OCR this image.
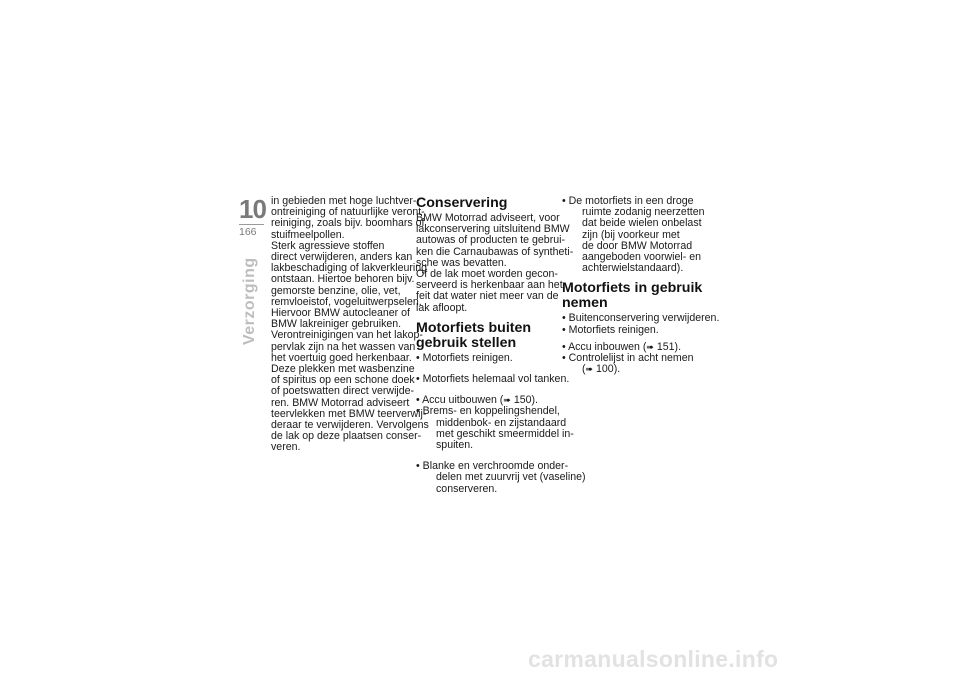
10
166
Verzorging
in gebieden met hoge luchtver-
ontreiniging of natuurlijke veront-
reiniging, zoals bijv. boomhars of
stuifmeelpollen.
Sterk agressieve stoffen
direct verwijderen, anders kan
lakbeschadiging of lakverkleuring
ontstaan. Hiertoe behoren bijv.
gemorste benzine, olie, vet,
remvloeistof, vogeluitwerpselen.
Hiervoor BMW autocleaner of
BMW lakreiniger gebruiken.
Verontreinigingen van het lakop-
pervlak zijn na het wassen van
het voertuig goed herkenbaar.
Deze plekken met wasbenzine
of spiritus op een schone doek
of poetswatten direct verwijde-
ren. BMW Motorrad adviseert
teervlekken met BMW teerverwij-
deraar te verwijderen. Vervolgens
de lak op deze plaatsen conser-
veren.
Conservering
BMW Motorrad adviseert, voor
lakconservering uitsluitend BMW
autowas of producten te gebrui-
ken die Carnaubawas of syntheti-
sche was bevatten.
Of de lak moet worden gecon-
serveerd is herkenbaar aan het
feit dat water niet meer van de
lak afloopt.
Motorfiets buiten
gebruik stellen
• Motorfiets reinigen.
• Motorfiets helemaal vol tanken.
• Accu uitbouwen (➠ 150).
• Brems- en koppelingshendel,
middenbok- en zijstandaard
met geschikt smeermiddel in-
spuiten.
• Blanke en verchroomde onder-
delen met zuurvrij vet (vaseline)
conserveren.
• De motorfiets in een droge
ruimte zodanig neerzetten
dat beide wielen onbelast
zijn (bij voorkeur met
de door BMW Motorrad
aangeboden voorwiel- en
achterwielstandaard).
Motorfiets in gebruik
nemen
• Buitenconservering verwijderen.
• Motorfiets reinigen.
• Accu inbouwen (➠ 151).
• Controlelijst in acht nemen
(➠ 100).
carmanualsonline.info
